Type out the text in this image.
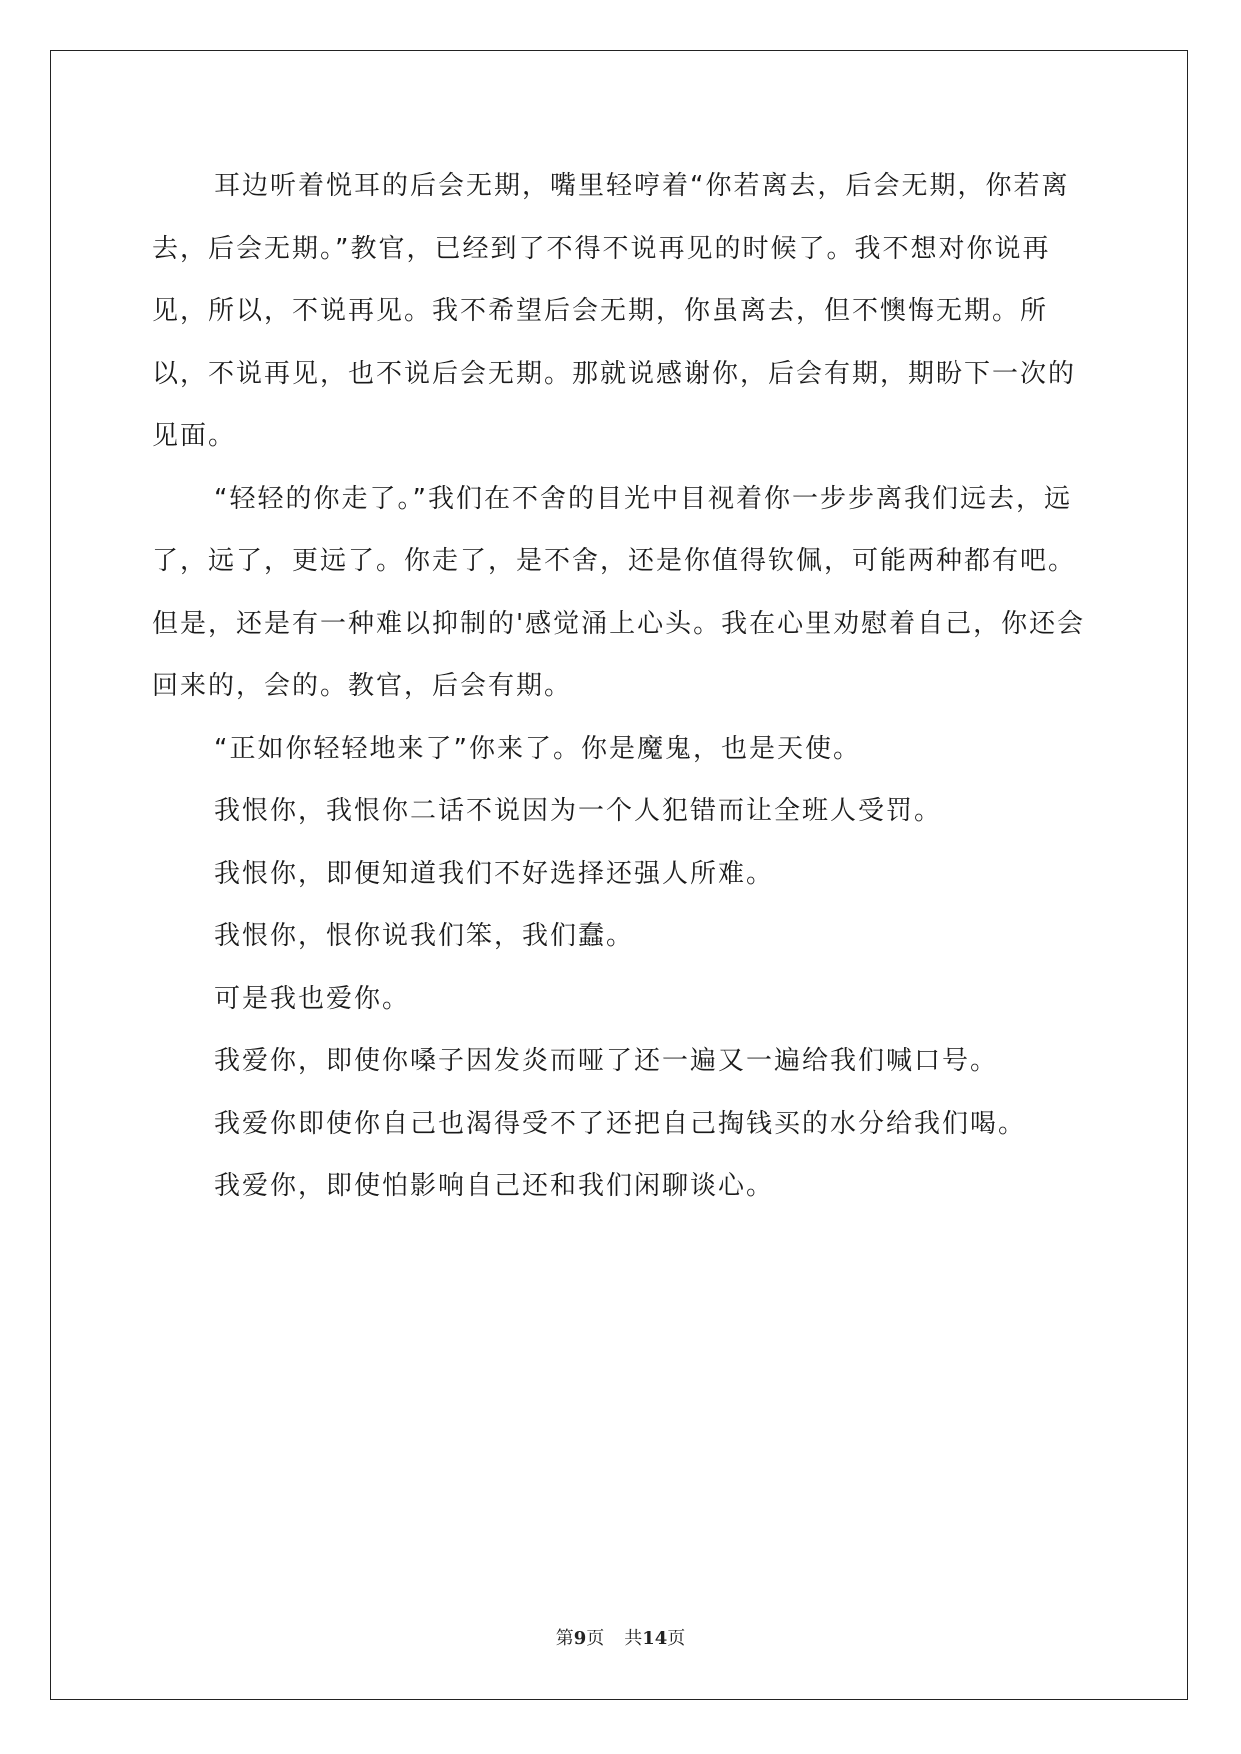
耳边听着悦耳的后会无期，嘴里轻哼着“你若离去，后会无期，你若离去，后会无期。”教官，已经到了不得不说再见的时候了。我不想对你说再见，所以，不说再见。我不希望后会无期，你虽离去，但不懊悔无期。所以，不说再见，也不说后会无期。那就说感谢你，后会有期，期盼下一次的见面。

“轻轻的你走了。”我们在不舍的目光中目视着你一步步离我们远去，远了，远了，更远了。你走了，是不舍，还是你值得钦佩，可能两种都有吧。但是，还是有一种难以抑制的'感觉涌上心头。我在心里劝慰着自己，你还会回来的，会的。教官，后会有期。

“正如你轻轻地来了”你来了。你是魔鬼，也是天使。

我恨你，我恨你二话不说因为一个人犯错而让全班人受罚。

我恨你，即便知道我们不好选择还强人所难。

我恨你，恨你说我们笨，我们蠢。

可是我也爱你。

我爱你，即使你嗓子因发炎而哑了还一遍又一遍给我们喊口号。

我爱你即使你自己也渴得受不了还把自己掏钱买的水分给我们喝。

我爱你，即使怕影响自己还和我们闲聊谈心。

第9页 共14页
